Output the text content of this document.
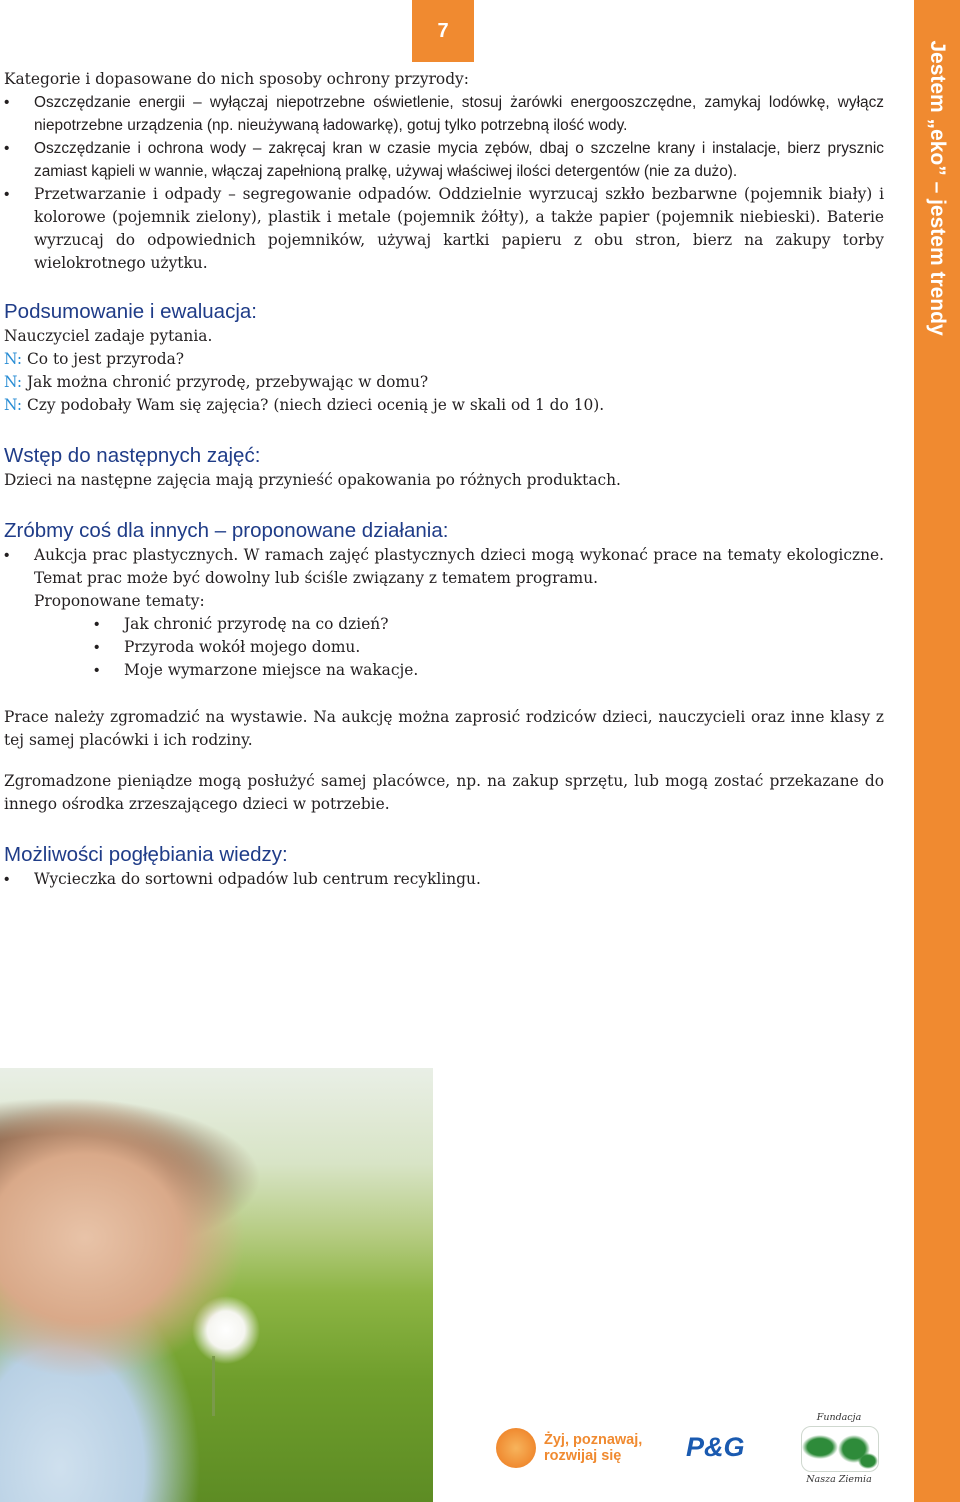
7
Jestem „eko” – jestem trendy

Kategorie i dopasowane do nich sposoby ochrony przyrody:

• Oszczędzanie energii – wyłączaj niepotrzebne oświetlenie, stosuj żarówki energooszczędne, zamykaj lodówkę, wyłącz niepotrzebne urządzenia (np. nieużywaną ładowarkę), gotuj tylko potrzebną ilość wody.
• Oszczędzanie i ochrona wody – zakręcaj kran w czasie mycia zębów, dbaj o szczelne krany i instalacje, bierz prysznic zamiast kąpieli w wannie, włączaj zapełnioną pralkę, używaj właściwej ilości detergentów (nie za dużo).
• Przetwarzanie i odpady – segregowanie odpadów. Oddzielnie wyrzucaj szkło bezbarwne (pojemnik biały) i kolorowe (pojemnik zielony), plastik i metale (pojemnik żółty), a także papier (pojemnik niebieski). Baterie wyrzucaj do odpowiednich pojemników, używaj kartki papieru z obu stron, bierz na zakupy torby wielokrotnego użytku.
Podsumowanie i ewaluacja:

Nauczyciel zadaje pytania.

N: Co to jest przyroda?

N: Jak można chronić przyrodę, przebywając w domu?

N: Czy podobały Wam się zajęcia? (niech dzieci ocenią je w skali od 1 do 10).

Wstęp do następnych zajęć:

Dzieci na następne zajęcia mają przynieść opakowania po różnych produktach.

Zróbmy coś dla innych – proponowane działania:
• Aukcja prac plastycznych. W ramach zajęć plastycznych dzieci mogą wykonać prace na tematy ekologiczne. Temat prac może być dowolny lub ściśle związany z tematem programu.

Proponowane tematy:

• Jak chronić przyrodę na co dzień?
• Przyroda wokół mojego domu.
• Moje wymarzone miejsce na wakacje.

Prace należy zgromadzić na wystawie. Na aukcję można zaprosić rodziców dzieci, nauczycieli oraz inne klasy z tej samej placówki i ich rodziny.

Zgromadzone pieniądze mogą posłużyć samej placówce, np. na zakup sprzętu, lub mogą zostać przekazane do innego ośrodka zrzeszającego dzieci w potrzebie.

Możliwości pogłębiania wiedzy:
• Wycieczka do sortowni odpadów lub centrum recyklingu.
Żyj, poznawaj,
rozwijaj się	P&G
Fundacja
Nasza Ziemia
